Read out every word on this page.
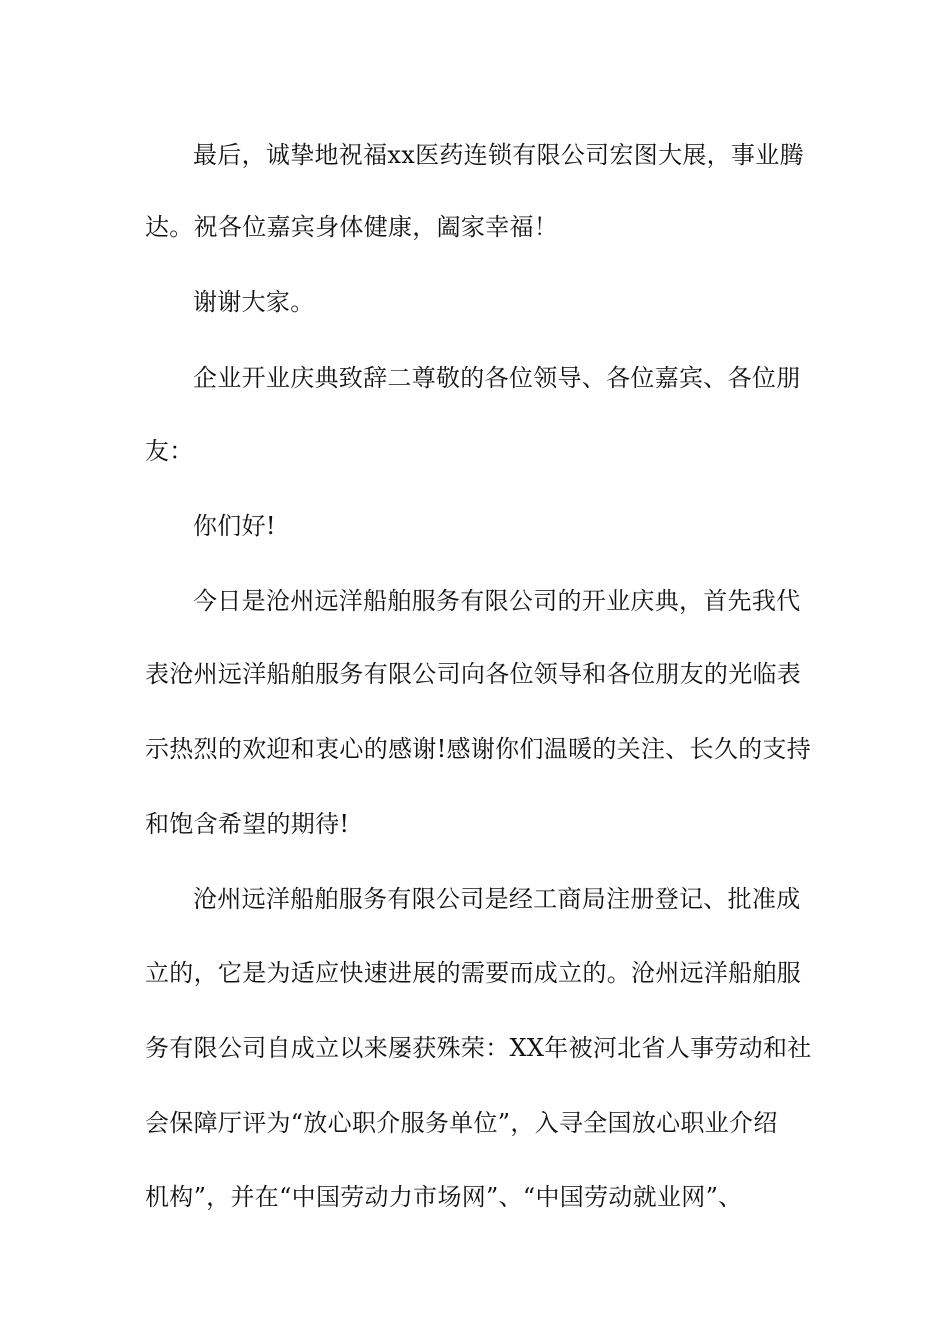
最后，诚挚地祝福xx医药连锁有限公司宏图大展，事业腾
达。祝各位嘉宾身体健康，阖家幸福！
谢谢大家。
企业开业庆典致辞二尊敬的各位领导、各位嘉宾、各位朋
友：
你们好!
今日是沧州远洋船舶服务有限公司的开业庆典，首先我代
表沧州远洋船舶服务有限公司向各位领导和各位朋友的光临表
示热烈的欢迎和衷心的感谢!感谢你们温暖的关注、长久的支持
和饱含希望的期待!
沧州远洋船舶服务有限公司是经工商局注册登记、批准成
立的，它是为适应快速进展的需要而成立的。沧州远洋船舶服
务有限公司自成立以来屡获殊荣：XX年被河北省人事劳动和社
会保障厅评为“放心职介服务单位”，入寻全国放心职业介绍
机构”，并在“中国劳动力市场网”、“中国劳动就业网”、
